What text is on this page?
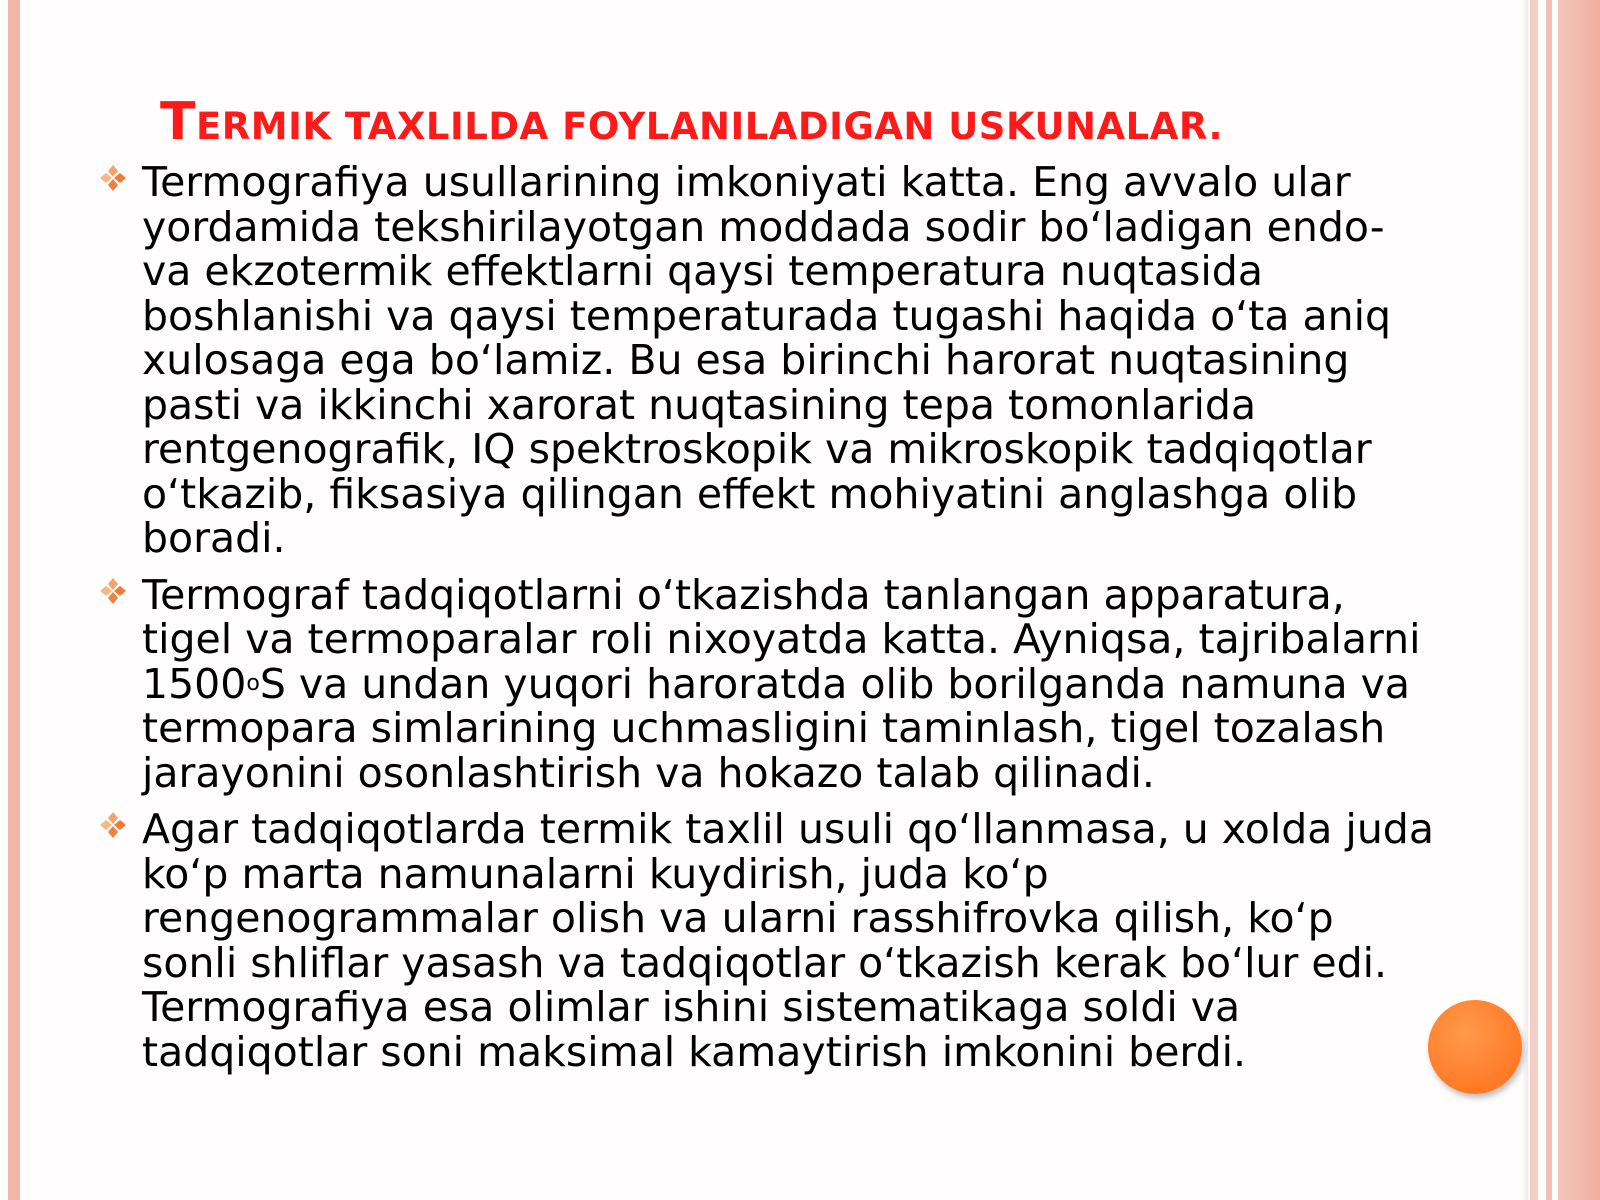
TERMIK TAXLILDA FOYLANILADIGAN USKUNALAR.
Termografiya usullarining imkoniyati katta. Eng avvalo ular yordamida tekshirilayotgan moddada sodir bo‘ladigan endo- va ekzotermik effektlarni qaysi temperatura nuqtasida boshlanishi va qaysi temperaturada tugashi haqida o‘ta aniq xulosaga ega bo‘lamiz. Bu esa birinchi harorat nuqtasining pasti va ikkinchi xarorat nuqtasining tepa tomonlarida rentgenografik, IQ spektroskopik va mikroskopik tadqiqotlar o‘tkazib, fiksasiya qilingan effekt mohiyatini anglashga olib boradi.
Termograf tadqiqotlarni o‘tkazishda tanlangan apparatura, tigel va termoparalar roli nixoyatda katta. Ayniqsa, tajribalarni 1500oS va undan yuqori haroratda olib borilganda namuna va termopara simlarining uchmasligini taminlash, tigel tozalash jarayonini osonlashtirish va hokazo talab qilinadi.
Agar tadqiqotlarda termik taxlil usuli qo‘llanmasa, u xolda juda ko‘p marta namunalarni kuydirish, juda ko‘p rengenogrammalar olish va ularni rasshifrovka qilish, ko‘p sonli shliflar yasash va tadqiqotlar o‘tkazish kerak bo‘lur edi. Termografiya esa olimlar ishini sistematikaga soldi va tadqiqotlar soni maksimal kamaytirish imkonini berdi.
